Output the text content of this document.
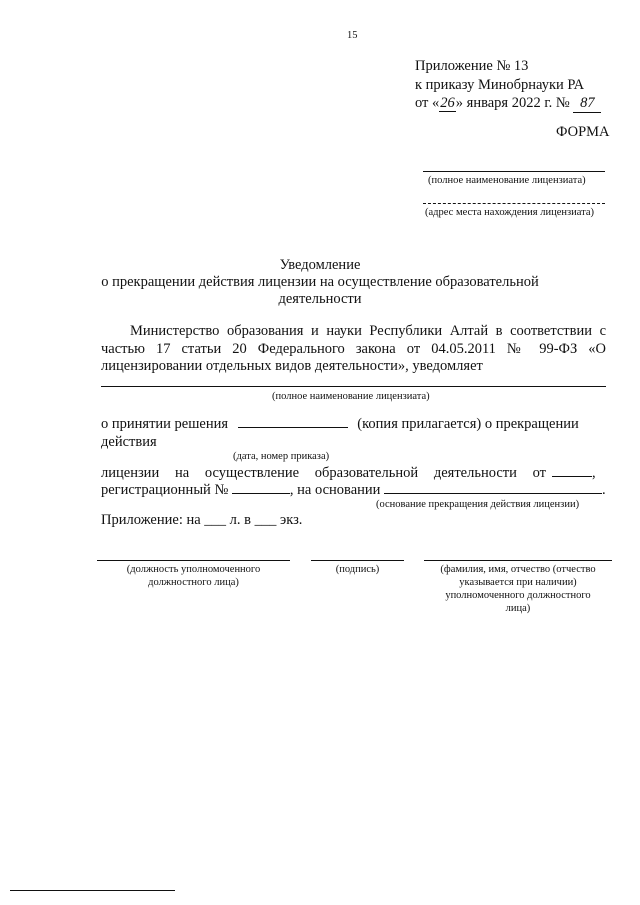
15
Приложение № 13
к приказу Минобрнауки РА
от «26» января 2022 г. № 87
ФОРМА
(полное наименование лицензиата)
(адрес места нахождения лицензиата)
Уведомление
о прекращении действия лицензии на осуществление образовательной
деятельности
Министерство образования и науки Республики Алтай в соответствии с
частью 17 статьи 20 Федерального закона от 04.05.2011 № 99-ФЗ «О
лицензировании отдельных видов деятельности», уведомляет
(полное наименование лицензиата)
о принятии решения	(копия прилагается) о прекращении
действия
(дата, номер приказа)
лицензии на осуществление образовательной деятельности от	,
регистрационный №	, на основании	.
(основание прекращения действия лицензии)
Приложение: на ___ л. в ___ экз.
(должность уполномоченного
должностного лица)
(подпись)	(фамилия, имя, отчество (отчество
указывается при наличии)
уполномоченного должностного
лица)
